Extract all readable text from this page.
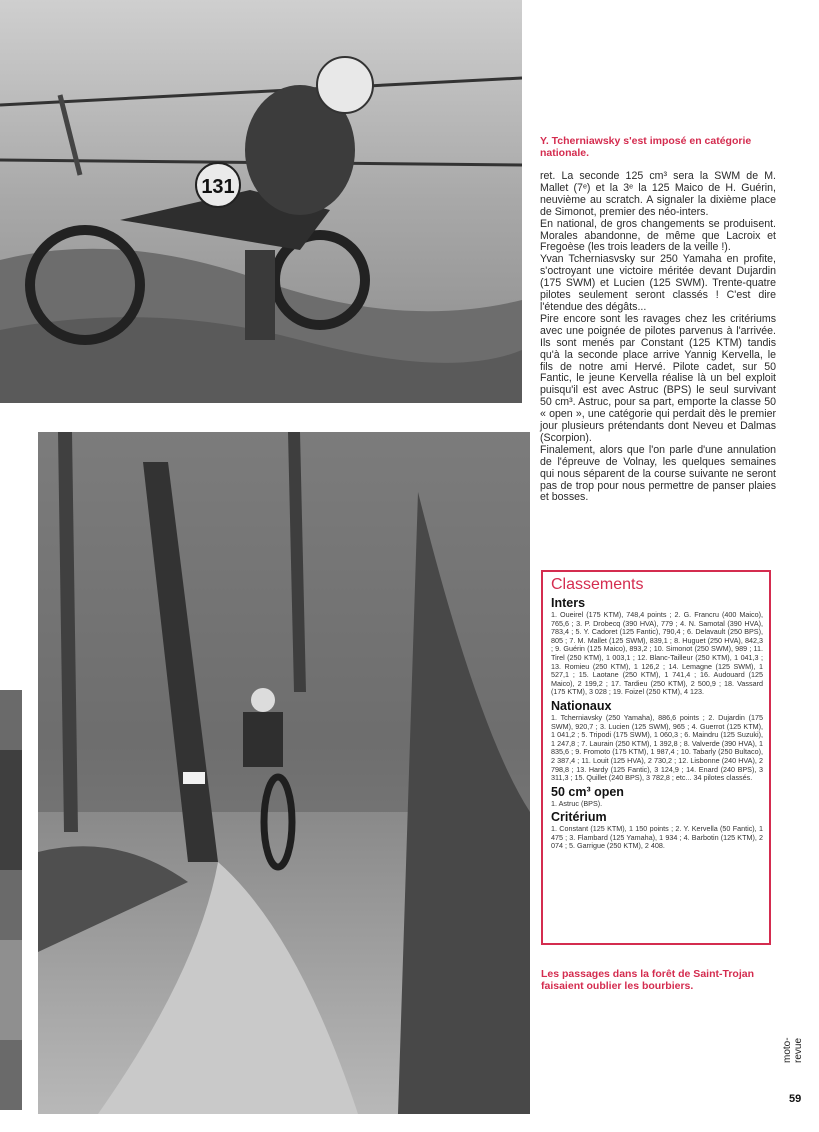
131
Y. Tcherniawsky s'est imposé en catégorie nationale.

ret. La seconde 125 cm³ sera la SWM de M. Mallet (7ᵉ) et la 3ᵉ la 125 Maico de H. Guérin, neuvième au scratch. A signaler la dixième place de Simonot, premier des néo-inters.

En national, de gros changements se produisent. Morales abandonne, de même que Lacroix et Fregoèse (les trois leaders de la veille !).

Yvan Tcherniasvsky sur 250 Yamaha en profite, s'octroyant une victoire méritée devant Dujardin (175 SWM) et Lucien (125 SWM). Trente-quatre pilotes seulement seront classés ! C'est dire l'étendue des dégâts...

Pire encore sont les ravages chez les critériums avec une poignée de pilotes parvenus à l'arrivée. Ils sont menés par Constant (125 KTM) tandis qu'à la seconde place arrive Yannig Kervella, le fils de notre ami Hervé. Pilote cadet, sur 50 Fantic, le jeune Kervella réalise là un bel exploit puisqu'il est avec Astruc (BPS) le seul survivant 50 cm³. Astruc, pour sa part, emporte la classe 50 « open », une catégorie qui perdait dès le premier jour plusieurs prétendants dont Neveu et Dalmas (Scorpion).

Finalement, alors que l'on parle d'une annulation de l'épreuve de Volnay, les quelques semaines qui nous séparent de la course suivante ne seront pas de trop pour nous permettre de panser plaies et bosses.

Classements
Inters

1. Oueirel (175 KTM), 748,4 points ; 2. G. Francru (400 Maico), 765,6 ; 3. P. Drobecq (390 HVA), 779 ; 4. N. Samotal (390 HVA), 783,4 ; 5. Y. Cadoret (125 Fantic), 790,4 ; 6. Delavault (250 BPS), 805 ; 7. M. Mallet (125 SWM), 839,1 ; 8. Huguet (250 HVA), 842,3 ; 9. Guérin (125 Maico), 893,2 ; 10. Simonot (250 SWM), 989 ; 11. Tirel (250 KTM), 1 003,1 ; 12. Blanc-Tailleur (250 KTM), 1 041,3 ; 13. Romieu (250 KTM), 1 126,2 ; 14. Lemagne (125 SWM), 1 527,1 ; 15. Laotane (250 KTM), 1 741,4 ; 16. Audouard (125 Maico), 2 199,2 ; 17. Tardieu (250 KTM), 2 500,9 ; 18. Vassard (175 KTM), 3 028 ; 19. Foizel (250 KTM), 4 123.

Nationaux

1. Tcherniavsky (250 Yamaha), 886,6 points ; 2. Dujardin (175 SWM), 920,7 ; 3. Lucien (125 SWM), 965 ; 4. Guerrot (125 KTM), 1 041,2 ; 5. Tripodi (175 SWM), 1 060,3 ; 6. Maindru (125 Suzuki), 1 247,8 ; 7. Laurain (250 KTM), 1 392,8 ; 8. Valverde (390 HVA), 1 835,6 ; 9. Fromoto (175 KTM), 1 987,4 ; 10. Tabarly (250 Bultaco), 2 387,4 ; 11. Louit (125 HVA), 2 730,2 ; 12. Lisbonne (240 HVA), 2 798,8 ; 13. Hardy (125 Fantic), 3 124,9 ; 14. Enard (240 BPS), 3 311,3 ; 15. Quillet (240 BPS), 3 782,8 ; etc... 34 pilotes classés.

50 cm³ open

1. Astruc (BPS).

Critérium

1. Constant (125 KTM), 1 150 points ; 2. Y. Kervella (50 Fantic), 1 475 ; 3. Flambard (125 Yamaha), 1 934 ; 4. Barbotin (125 KTM), 2 074 ; 5. Garrigue (250 KTM), 2 408.

Les passages dans la forêt de Saint-Trojan faisaient oublier les bourbiers.
moto-revue
59
